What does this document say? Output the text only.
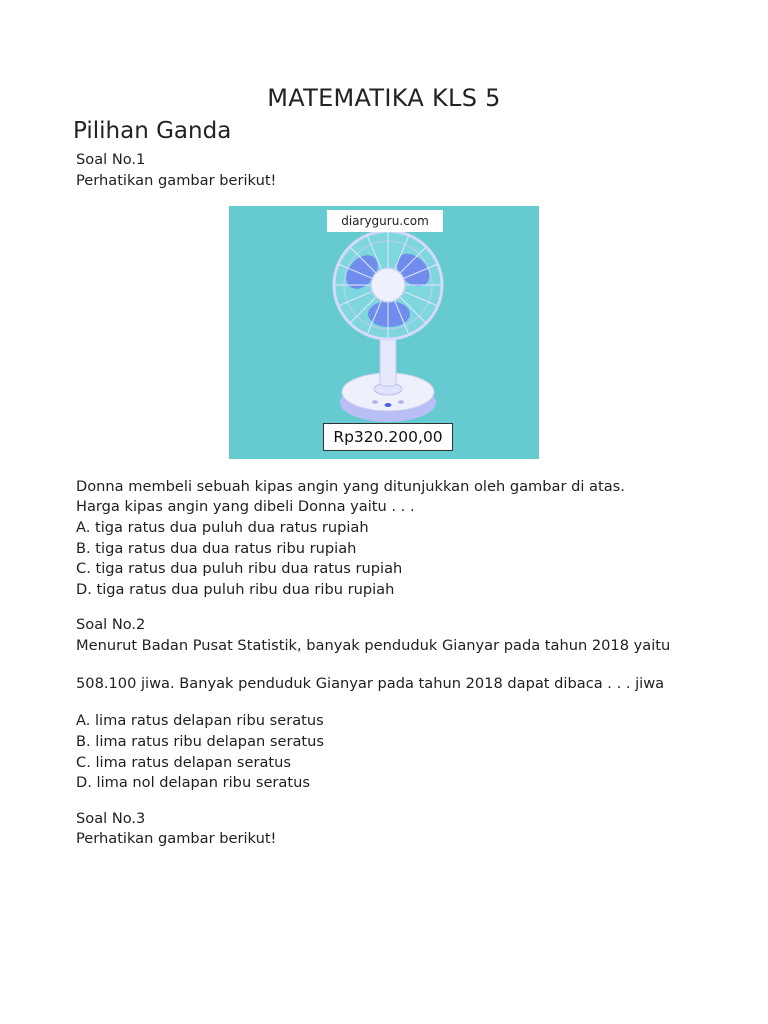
MATEMATIKA KLS 5
Pilihan Ganda
Soal No.1
Perhatikan gambar berikut!
diaryguru.com
Rp320.200,00
Donna membeli sebuah kipas angin yang ditunjukkan oleh gambar di atas.
Harga kipas angin yang dibeli Donna yaitu . . .
A. tiga ratus dua puluh dua ratus rupiah
B. tiga ratus dua dua ratus ribu rupiah
C. tiga ratus dua puluh ribu dua ratus rupiah
D. tiga ratus dua puluh ribu dua ribu rupiah
Soal No.2
Menurut Badan Pusat Statistik, banyak penduduk Gianyar pada tahun 2018 yaitu
508.100 jiwa. Banyak penduduk Gianyar pada tahun 2018 dapat dibaca . . . jiwa
A. lima ratus delapan ribu seratus
B. lima ratus ribu delapan seratus
C. lima ratus delapan seratus
D. lima nol delapan ribu seratus
Soal No.3
Perhatikan gambar berikut!
